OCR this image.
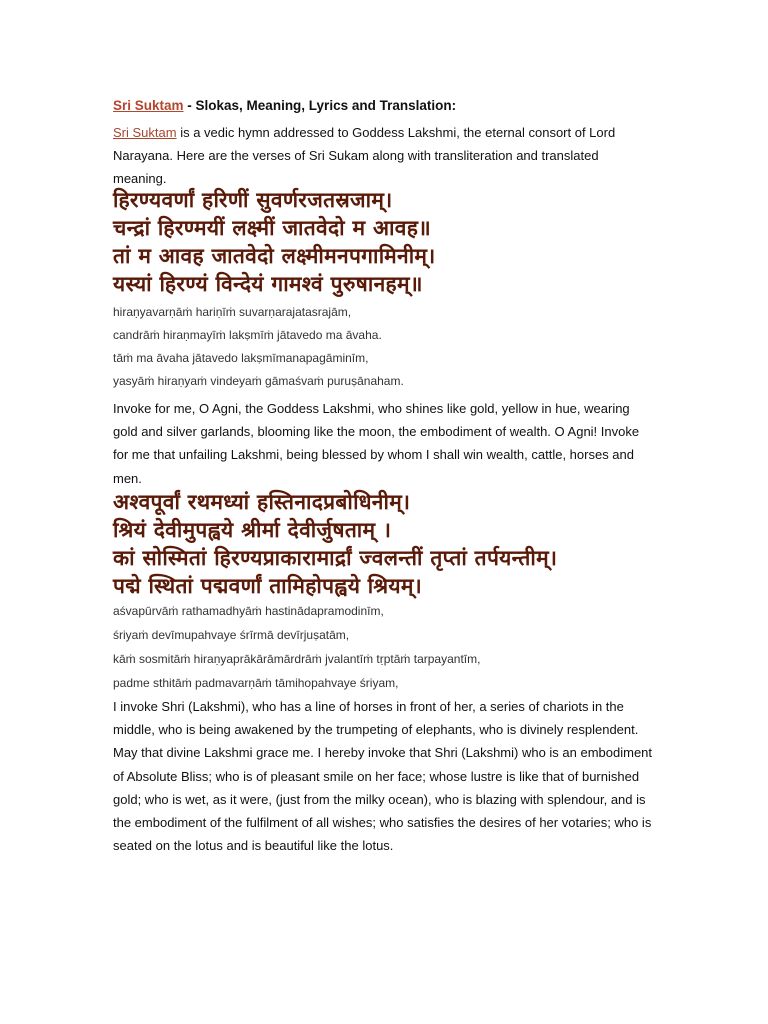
Sri Suktam - Slokas, Meaning, Lyrics and Translation:
Sri Suktam is a vedic hymn addressed to Goddess Lakshmi, the eternal consort of Lord Narayana. Here are the verses of Sri Sukam along with transliteration and translated meaning.
हिरण्यवर्णां हरिणीं सुवर्णरजतस्रजाम्।
चन्द्रां हिरण्मयीं लक्ष्मीं जातवेदो म आवह॥
तां म आवह जातवेदो लक्ष्मीमनपगामिनीम्।
यस्यां हिरण्यं विन्देयं गामश्वं पुरुषानहम्॥
hiraṇyavarṇāṁ hariṇīṁ suvarṇarajatasrajām,
candrāṁ hiraṇmayīṁ lakṣmīṁ jātavedo ma āvaha.
tāṁ ma āvaha jātavedo lakṣmīmanapagāminīm,
yasyāṁ hiraṇyaṁ vindeyaṁ gāmaśvaṁ puruṣānaham.
Invoke for me, O Agni, the Goddess Lakshmi, who shines like gold, yellow in hue, wearing gold and silver garlands, blooming like the moon, the embodiment of wealth. O Agni! Invoke for me that unfailing Lakshmi, being blessed by whom I shall win wealth, cattle, horses and men.
अश्वपूर्वां रथमध्यां हस्तिनादप्रबोधिनीम्।
श्रियं देवीमुपह्वये श्रीर्मा देवीर्जुषताम् ।
कां सोस्मितां हिरण्यप्राकारामार्द्रां ज्वलन्तीं तृप्तां तर्पयन्तीम्।
पद्मे स्थितां पद्मवर्णां तामिहोपह्वये श्रियम्।
aśvapūrvāṁ rathamadhyāṁ hastinādapramodinīm,
śriyaṁ devīmupahvaye śrīrmā devīrjuṣatām,
kāṁ sosmitāṁ hiraṇyaprākārāmārdrāṁ jvalantīṁ tṛptāṁ tarpayantīm,
padme sthitāṁ padmavarṇāṁ tāmihopahvaye śriyam,
I invoke Shri (Lakshmi), who has a line of horses in front of her, a series of chariots in the middle, who is being awakened by the trumpeting of elephants, who is divinely resplendent. May that divine Lakshmi grace me. I hereby invoke that Shri (Lakshmi) who is an embodiment of Absolute Bliss; who is of pleasant smile on her face; whose lustre is like that of burnished gold; who is wet, as it were, (just from the milky ocean), who is blazing with splendour, and is the embodiment of the fulfilment of all wishes; who satisfies the desires of her votaries; who is seated on the lotus and is beautiful like the lotus.
